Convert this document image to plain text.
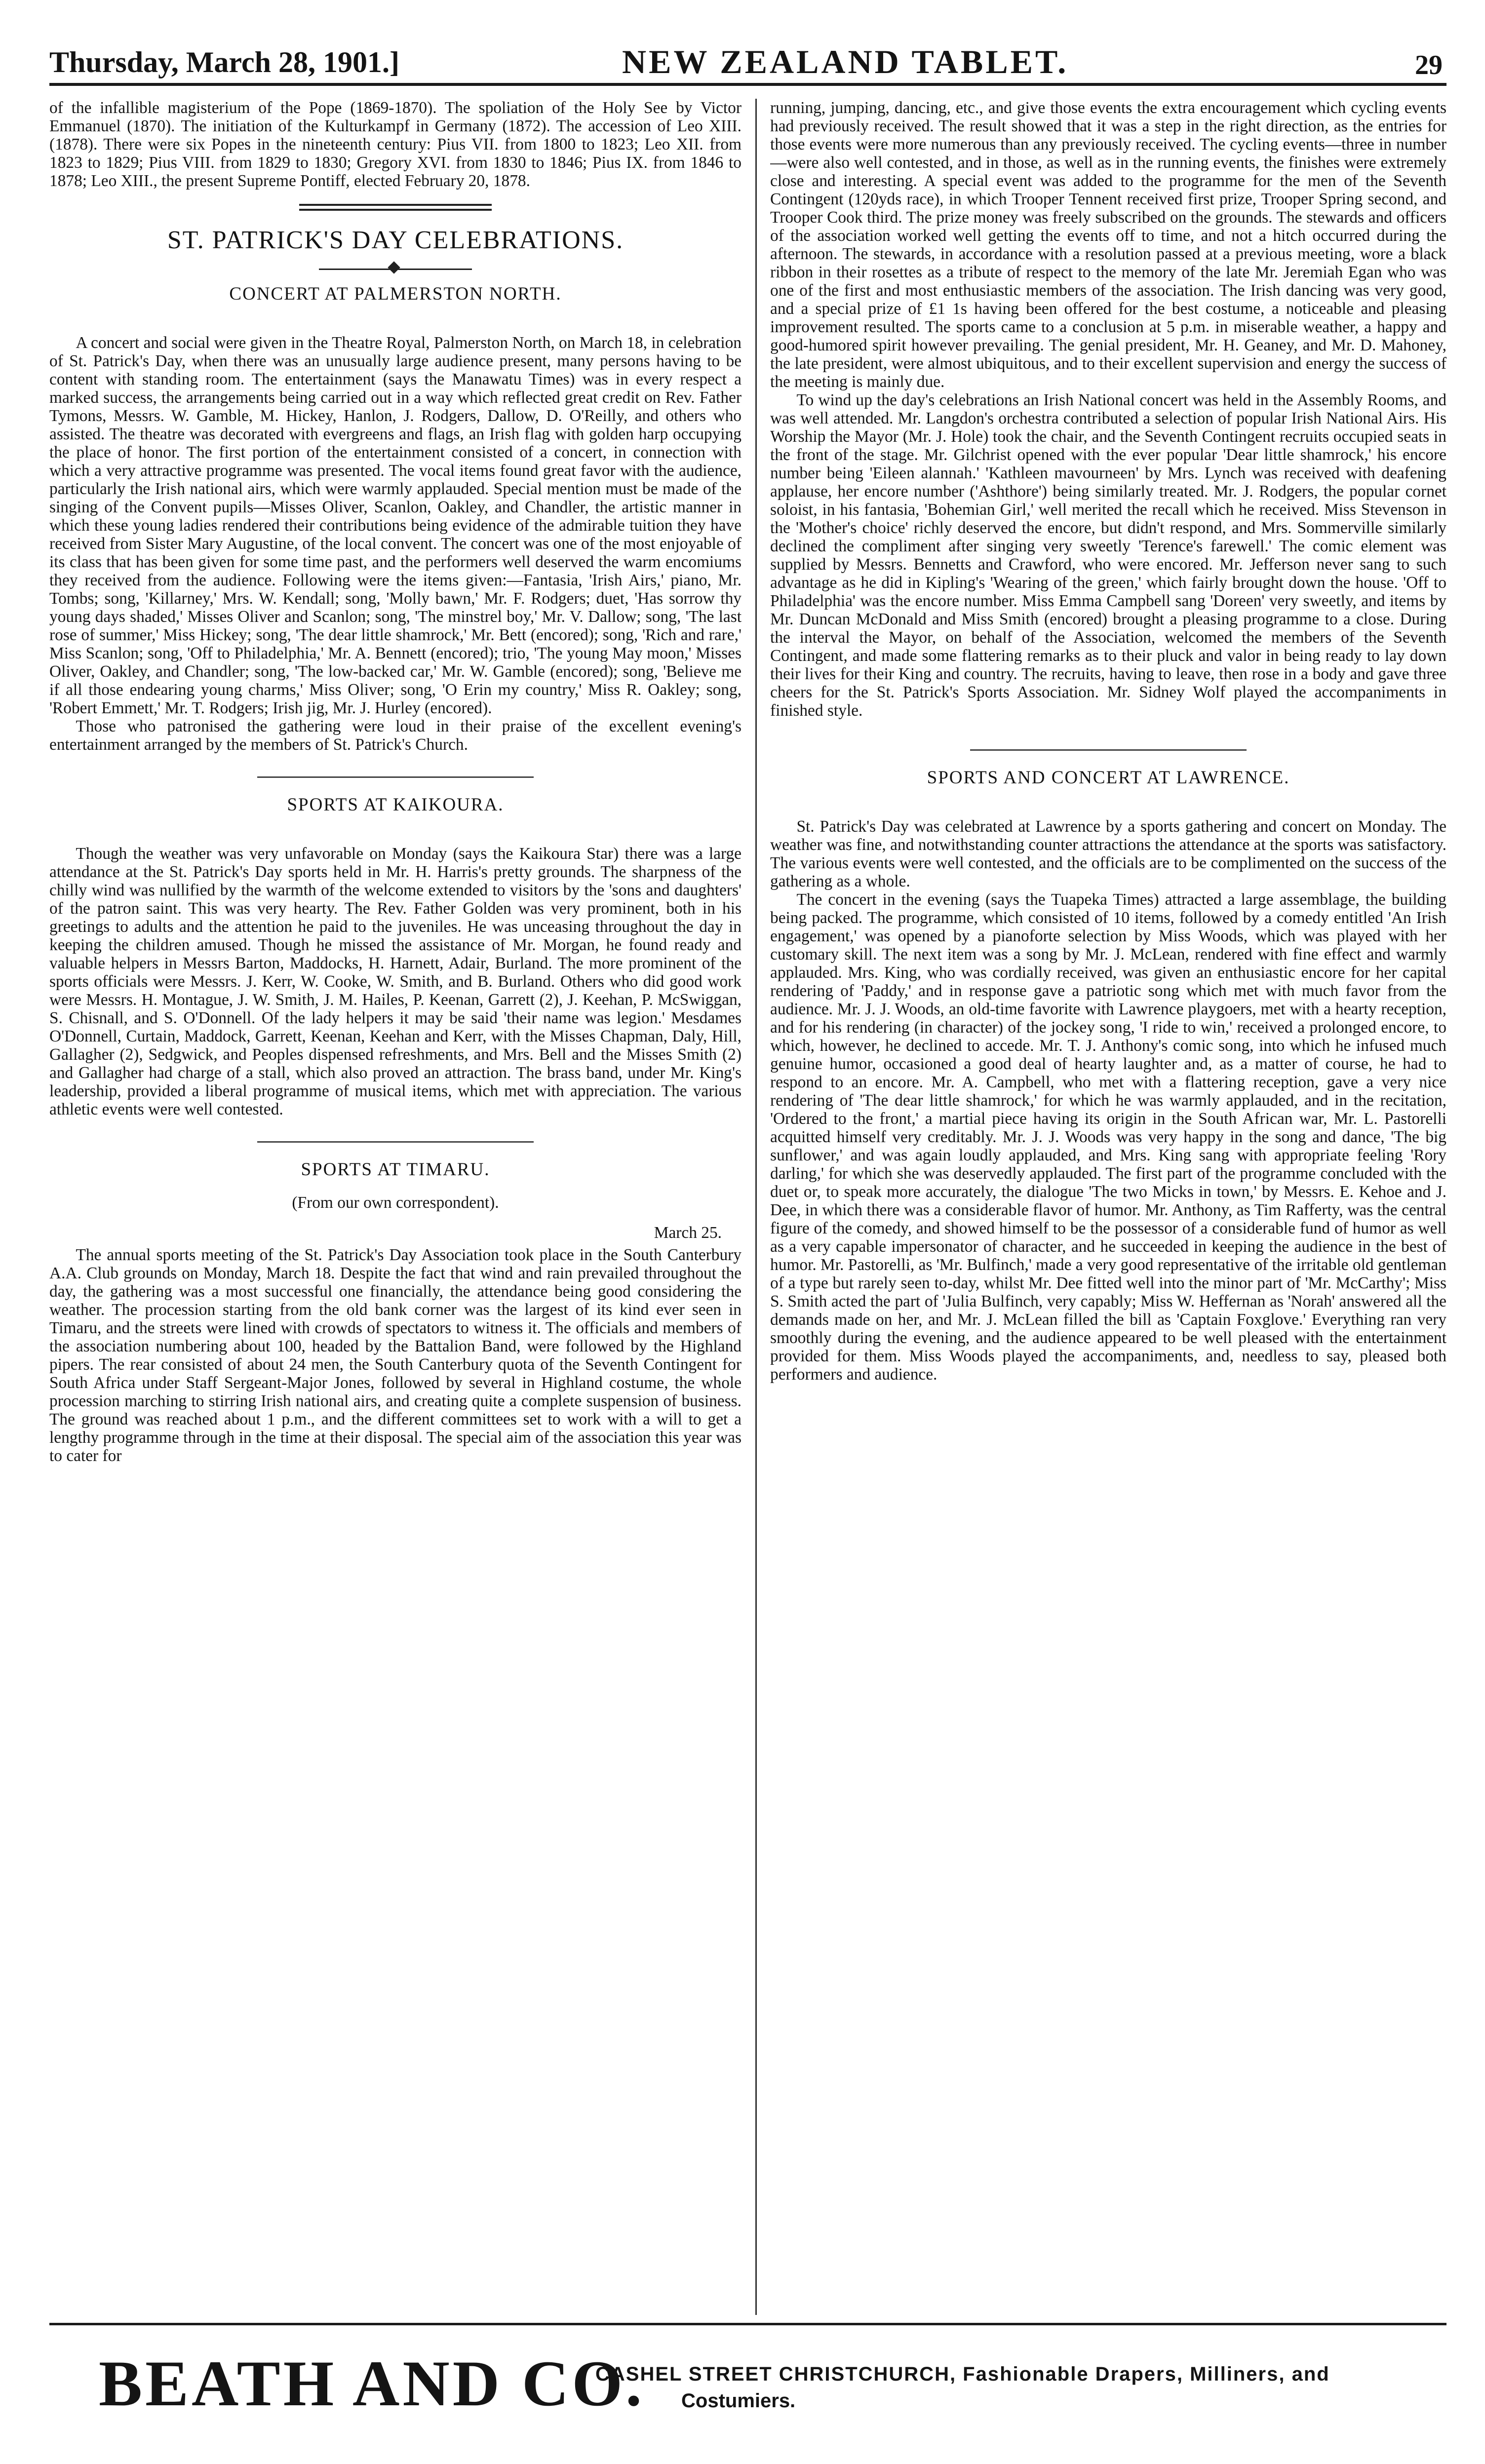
Thursday, March 28, 1901.]	NEW ZEALAND TABLET.	29

of the infallible magisterium of the Pope (1869-1870). The spoliation of the Holy See by Victor Emmanuel (1870). The initiation of the Kulturkampf in Germany (1872). The accession of Leo XIII. (1878). There were six Popes in the nineteenth century: Pius VII. from 1800 to 1823; Leo XII. from 1823 to 1829; Pius VIII. from 1829 to 1830; Gregory XVI. from 1830 to 1846; Pius IX. from 1846 to 1878; Leo XIII., the present Supreme Pontiff, elected February 20, 1878.

ST. PATRICK'S DAY CELEBRATIONS.
CONCERT AT PALMERSTON NORTH.

A concert and social were given in the Theatre Royal, Palmerston North, on March 18, in celebration of St. Patrick's Day, when there was an unusually large audience present, many persons having to be content with standing room. The entertainment (says the Manawatu Times) was in every respect a marked success, the arrangements being carried out in a way which reflected great credit on Rev. Father Tymons, Messrs. W. Gamble, M. Hickey, Hanlon, J. Rodgers, Dallow, D. O'Reilly, and others who assisted. The theatre was decorated with evergreens and flags, an Irish flag with golden harp occupying the place of honor. The first portion of the entertainment consisted of a concert, in connection with which a very attractive programme was presented. The vocal items found great favor with the audience, particularly the Irish national airs, which were warmly applauded. Special mention must be made of the singing of the Convent pupils—Misses Oliver, Scanlon, Oakley, and Chandler, the artistic manner in which these young ladies rendered their contributions being evidence of the admirable tuition they have received from Sister Mary Augustine, of the local convent. The concert was one of the most enjoyable of its class that has been given for some time past, and the performers well deserved the warm encomiums they received from the audience. Following were the items given:—Fantasia, 'Irish Airs,' piano, Mr. Tombs; song, 'Killarney,' Mrs. W. Kendall; song, 'Molly bawn,' Mr. F. Rodgers; duet, 'Has sorrow thy young days shaded,' Misses Oliver and Scanlon; song, 'The minstrel boy,' Mr. V. Dallow; song, 'The last rose of summer,' Miss Hickey; song, 'The dear little shamrock,' Mr. Bett (encored); song, 'Rich and rare,' Miss Scanlon; song, 'Off to Philadelphia,' Mr. A. Bennett (encored); trio, 'The young May moon,' Misses Oliver, Oakley, and Chandler; song, 'The low-backed car,' Mr. W. Gamble (encored); song, 'Believe me if all those endearing young charms,' Miss Oliver; song, 'O Erin my country,' Miss R. Oakley; song, 'Robert Emmett,' Mr. T. Rodgers; Irish jig, Mr. J. Hurley (encored).

Those who patronised the gathering were loud in their praise of the excellent evening's entertainment arranged by the members of St. Patrick's Church.

SPORTS AT KAIKOURA.

Though the weather was very unfavorable on Monday (says the Kaikoura Star) there was a large attendance at the St. Patrick's Day sports held in Mr. H. Harris's pretty grounds. The sharpness of the chilly wind was nullified by the warmth of the welcome extended to visitors by the 'sons and daughters' of the patron saint. This was very hearty. The Rev. Father Golden was very prominent, both in his greetings to adults and the attention he paid to the juveniles. He was unceasing throughout the day in keeping the children amused. Though he missed the assistance of Mr. Morgan, he found ready and valuable helpers in Messrs Barton, Maddocks, H. Harnett, Adair, Burland. The more prominent of the sports officials were Messrs. J. Kerr, W. Cooke, W. Smith, and B. Burland. Others who did good work were Messrs. H. Montague, J. W. Smith, J. M. Hailes, P. Keenan, Garrett (2), J. Keehan, P. McSwiggan, S. Chisnall, and S. O'Donnell. Of the lady helpers it may be said 'their name was legion.' Mesdames O'Donnell, Curtain, Maddock, Garrett, Keenan, Keehan and Kerr, with the Misses Chapman, Daly, Hill, Gallagher (2), Sedgwick, and Peoples dispensed refreshments, and Mrs. Bell and the Misses Smith (2) and Gallagher had charge of a stall, which also proved an attraction. The brass band, under Mr. King's leadership, provided a liberal programme of musical items, which met with appreciation. The various athletic events were well contested.

SPORTS AT TIMARU.

(From our own correspondent).

March 25.

The annual sports meeting of the St. Patrick's Day Association took place in the South Canterbury A.A. Club grounds on Monday, March 18. Despite the fact that wind and rain prevailed throughout the day, the gathering was a most successful one financially, the attendance being good considering the weather. The procession starting from the old bank corner was the largest of its kind ever seen in Timaru, and the streets were lined with crowds of spectators to witness it. The officials and members of the association numbering about 100, headed by the Battalion Band, were followed by the Highland pipers. The rear consisted of about 24 men, the South Canterbury quota of the Seventh Contingent for South Africa under Staff Sergeant-Major Jones, followed by several in Highland costume, the whole procession marching to stirring Irish national airs, and creating quite a complete suspension of business. The ground was reached about 1 p.m., and the different committees set to work with a will to get a lengthy programme through in the time at their disposal. The special aim of the association this year was to cater for

running, jumping, dancing, etc., and give those events the extra encouragement which cycling events had previously received. The result showed that it was a step in the right direction, as the entries for those events were more numerous than any previously received. The cycling events—three in number—were also well contested, and in those, as well as in the running events, the finishes were extremely close and interesting. A special event was added to the programme for the men of the Seventh Contingent (120yds race), in which Trooper Tennent received first prize, Trooper Spring second, and Trooper Cook third. The prize money was freely subscribed on the grounds. The stewards and officers of the association worked well getting the events off to time, and not a hitch occurred during the afternoon. The stewards, in accordance with a resolution passed at a previous meeting, wore a black ribbon in their rosettes as a tribute of respect to the memory of the late Mr. Jeremiah Egan who was one of the first and most enthusiastic members of the association. The Irish dancing was very good, and a special prize of £1 1s having been offered for the best costume, a noticeable and pleasing improvement resulted. The sports came to a conclusion at 5 p.m. in miserable weather, a happy and good-humored spirit however prevailing. The genial president, Mr. H. Geaney, and Mr. D. Mahoney, the late president, were almost ubiquitous, and to their excellent supervision and energy the success of the meeting is mainly due.

To wind up the day's celebrations an Irish National concert was held in the Assembly Rooms, and was well attended. Mr. Langdon's orchestra contributed a selection of popular Irish National Airs. His Worship the Mayor (Mr. J. Hole) took the chair, and the Seventh Contingent recruits occupied seats in the front of the stage. Mr. Gilchrist opened with the ever popular 'Dear little shamrock,' his encore number being 'Eileen alannah.' 'Kathleen mavourneen' by Mrs. Lynch was received with deafening applause, her encore number ('Ashthore') being similarly treated. Mr. J. Rodgers, the popular cornet soloist, in his fantasia, 'Bohemian Girl,' well merited the recall which he received. Miss Stevenson in the 'Mother's choice' richly deserved the encore, but didn't respond, and Mrs. Sommerville similarly declined the compliment after singing very sweetly 'Terence's farewell.' The comic element was supplied by Messrs. Bennetts and Crawford, who were encored. Mr. Jefferson never sang to such advantage as he did in Kipling's 'Wearing of the green,' which fairly brought down the house. 'Off to Philadelphia' was the encore number. Miss Emma Campbell sang 'Doreen' very sweetly, and items by Mr. Duncan McDonald and Miss Smith (encored) brought a pleasing programme to a close. During the interval the Mayor, on behalf of the Association, welcomed the members of the Seventh Contingent, and made some flattering remarks as to their pluck and valor in being ready to lay down their lives for their King and country. The recruits, having to leave, then rose in a body and gave three cheers for the St. Patrick's Sports Association. Mr. Sidney Wolf played the accompaniments in finished style.

SPORTS AND CONCERT AT LAWRENCE.

St. Patrick's Day was celebrated at Lawrence by a sports gathering and concert on Monday. The weather was fine, and notwithstanding counter attractions the attendance at the sports was satisfactory. The various events were well contested, and the officials are to be complimented on the success of the gathering as a whole.

The concert in the evening (says the Tuapeka Times) attracted a large assemblage, the building being packed. The programme, which consisted of 10 items, followed by a comedy entitled 'An Irish engagement,' was opened by a pianoforte selection by Miss Woods, which was played with her customary skill. The next item was a song by Mr. J. McLean, rendered with fine effect and warmly applauded. Mrs. King, who was cordially received, was given an enthusiastic encore for her capital rendering of 'Paddy,' and in response gave a patriotic song which met with much favor from the audience. Mr. J. J. Woods, an old-time favorite with Lawrence playgoers, met with a hearty reception, and for his rendering (in character) of the jockey song, 'I ride to win,' received a prolonged encore, to which, however, he declined to accede. Mr. T. J. Anthony's comic song, into which he infused much genuine humor, occasioned a good deal of hearty laughter and, as a matter of course, he had to respond to an encore. Mr. A. Campbell, who met with a flattering reception, gave a very nice rendering of 'The dear little shamrock,' for which he was warmly applauded, and in the recitation, 'Ordered to the front,' a martial piece having its origin in the South African war, Mr. L. Pastorelli acquitted himself very creditably. Mr. J. J. Woods was very happy in the song and dance, 'The big sunflower,' and was again loudly applauded, and Mrs. King sang with appropriate feeling 'Rory darling,' for which she was deservedly applauded. The first part of the programme concluded with the duet or, to speak more accurately, the dialogue 'The two Micks in town,' by Messrs. E. Kehoe and J. Dee, in which there was a considerable flavor of humor. Mr. Anthony, as Tim Rafferty, was the central figure of the comedy, and showed himself to be the possessor of a considerable fund of humor as well as a very capable impersonator of character, and he succeeded in keeping the audience in the best of humor. Mr. Pastorelli, as 'Mr. Bulfinch,' made a very good representative of the irritable old gentleman of a type but rarely seen to-day, whilst Mr. Dee fitted well into the minor part of 'Mr. McCarthy'; Miss S. Smith acted the part of 'Julia Bulfinch, very capably; Miss W. Heffernan as 'Norah' answered all the demands made on her, and Mr. J. McLean filled the bill as 'Captain Foxglove.' Everything ran very smoothly during the evening, and the audience appeared to be well pleased with the entertainment provided for them. Miss Woods played the accompaniments, and, needless to say, pleased both performers and audience.

BEATH AND CO.
CASHEL STREET CHRISTCHURCH, Fashionable Drapers, Milliners, and
Costumiers.
